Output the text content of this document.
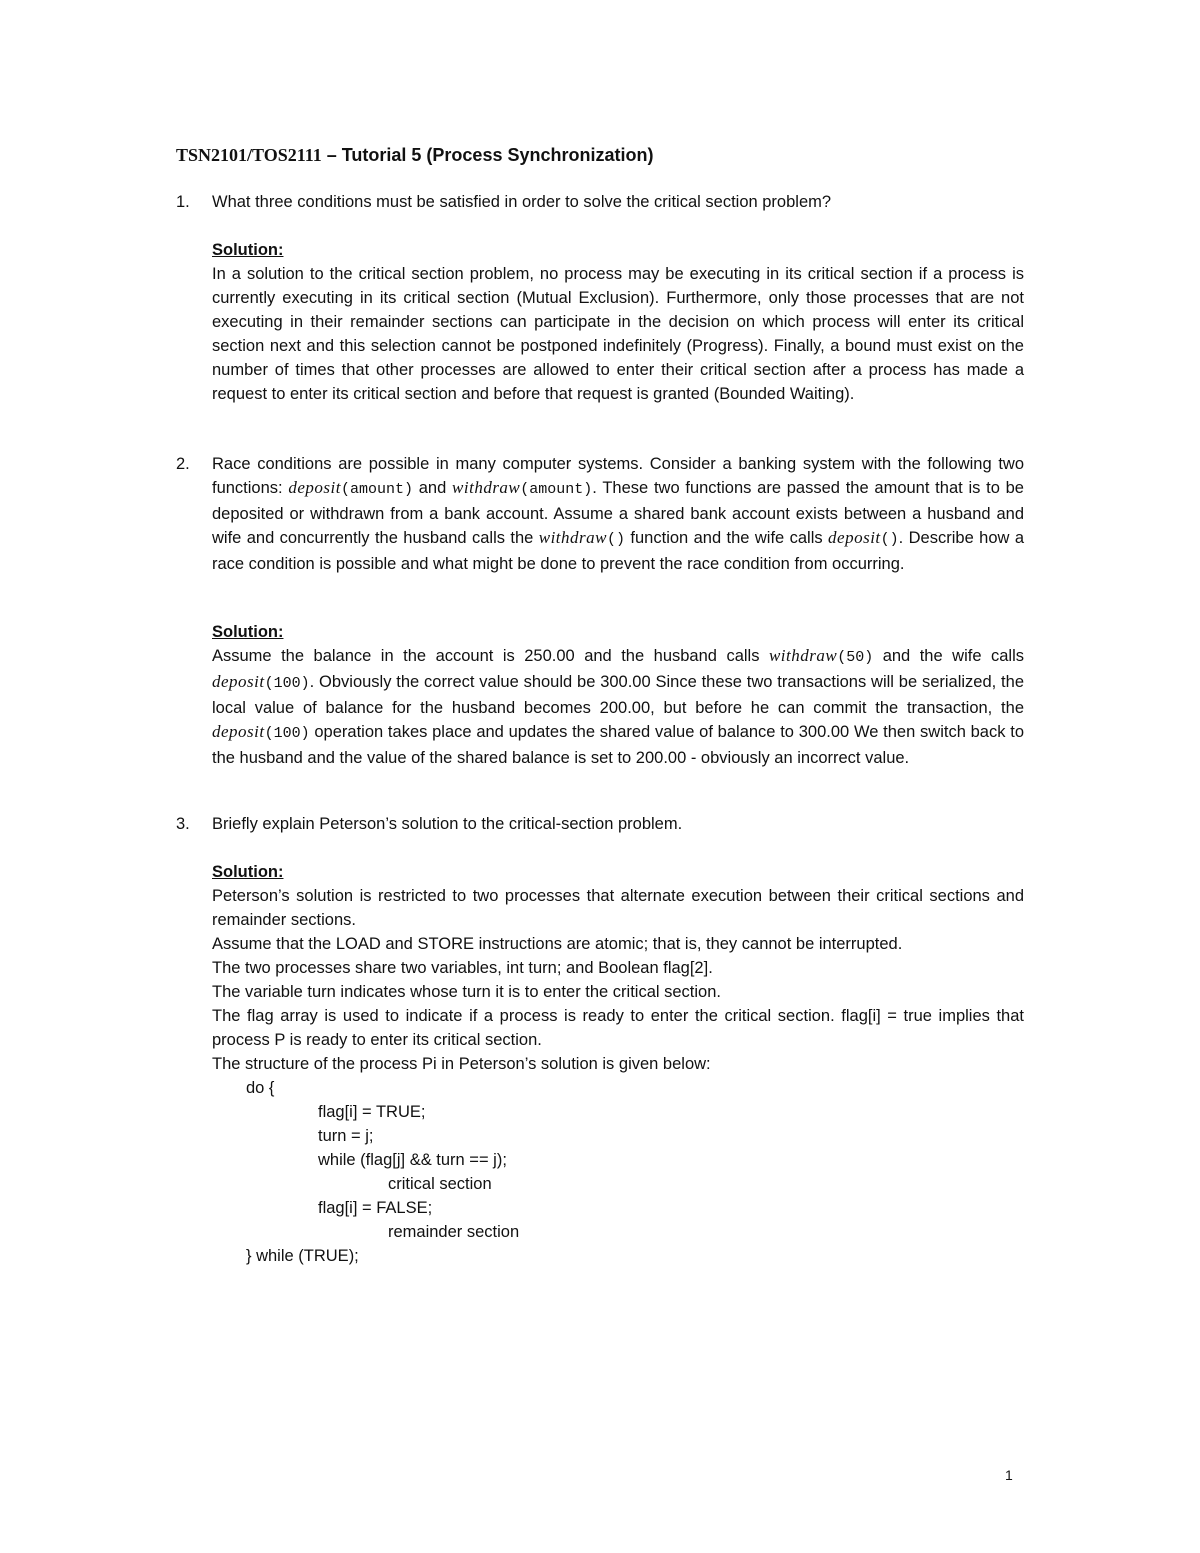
TSN2101/TOS2111 – Tutorial 5 (Process Synchronization)
1. What three conditions must be satisfied in order to solve the critical section problem?
Solution:
In a solution to the critical section problem, no process may be executing in its critical section if a process is currently executing in its critical section (Mutual Exclusion). Furthermore, only those processes that are not executing in their remainder sections can participate in the decision on which process will enter its critical section next and this selection cannot be postponed indefinitely (Progress). Finally, a bound must exist on the number of times that other processes are allowed to enter their critical section after a process has made a request to enter its critical section and before that request is granted (Bounded Waiting).
2. Race conditions are possible in many computer systems. Consider a banking system with the following two functions: deposit(amount) and withdraw(amount). These two functions are passed the amount that is to be deposited or withdrawn from a bank account. Assume a shared bank account exists between a husband and wife and concurrently the husband calls the withdraw() function and the wife calls deposit(). Describe how a race condition is possible and what might be done to prevent the race condition from occurring.
Solution:
Assume the balance in the account is 250.00 and the husband calls withdraw(50) and the wife calls deposit(100). Obviously the correct value should be 300.00 Since these two transactions will be serialized, the local value of balance for the husband becomes 200.00, but before he can commit the transaction, the deposit(100) operation takes place and updates the shared value of balance to 300.00 We then switch back to the husband and the value of the shared balance is set to 200.00 - obviously an incorrect value.
3. Briefly explain Peterson’s solution to the critical-section problem.
Solution:
Peterson’s solution is restricted to two processes that alternate execution between their critical sections and remainder sections.
Assume that the LOAD and STORE instructions are atomic; that is, they cannot be interrupted.
The two processes share two variables, int turn; and Boolean flag[2].
The variable turn indicates whose turn it is to enter the critical section.
The flag array is used to indicate if a process is ready to enter the critical section. flag[i] = true implies that process P is ready to enter its critical section.
The structure of the process Pi in Peterson’s solution is given below:
do {
flag[i] = TRUE;
turn = j;
while (flag[j] && turn == j);
critical section
flag[i] = FALSE;
remainder section
} while (TRUE);
1
